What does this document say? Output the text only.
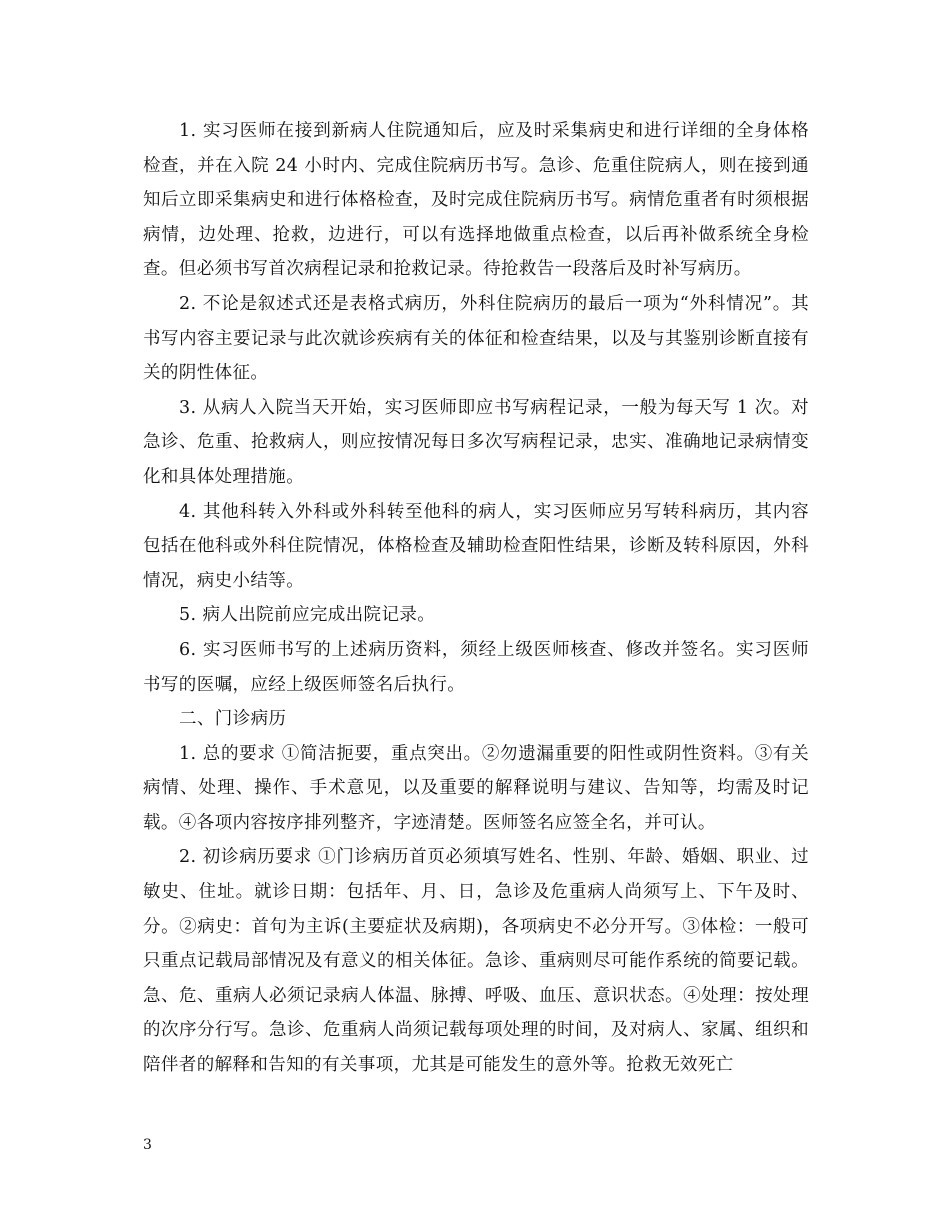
1. 实习医师在接到新病人住院通知后，应及时采集病史和进行详细的全身体格检查，并在入院 24 小时内、完成住院病历书写。急诊、危重住院病人，则在接到通知后立即采集病史和进行体格检查，及时完成住院病历书写。病情危重者有时须根据病情，边处理、抢救，边进行，可以有选择地做重点检查，以后再补做系统全身检查。但必须书写首次病程记录和抢救记录。待抢救告一段落后及时补写病历。

2. 不论是叙述式还是表格式病历，外科住院病历的最后一项为“外科情况”。其书写内容主要记录与此次就诊疾病有关的体征和检查结果，以及与其鉴别诊断直接有关的阴性体征。

3. 从病人入院当天开始，实习医师即应书写病程记录，一般为每天写 1 次。对急诊、危重、抢救病人，则应按情况每日多次写病程记录，忠实、准确地记录病情变化和具体处理措施。

4. 其他科转入外科或外科转至他科的病人，实习医师应另写转科病历，其内容包括在他科或外科住院情况，体格检查及辅助检查阳性结果，诊断及转科原因，外科情况，病史小结等。

5. 病人出院前应完成出院记录。

6. 实习医师书写的上述病历资料，须经上级医师核查、修改并签名。实习医师书写的医嘱，应经上级医师签名后执行。

二、门诊病历

1. 总的要求 ①简洁扼要，重点突出。②勿遗漏重要的阳性或阴性资料。③有关病情、处理、操作、手术意见，以及重要的解释说明与建议、告知等，均需及时记载。④各项内容按序排列整齐，字迹清楚。医师签名应签全名，并可认。

2. 初诊病历要求 ①门诊病历首页必须填写姓名、性别、年龄、婚姻、职业、过敏史、住址。就诊日期：包括年、月、日，急诊及危重病人尚须写上、下午及时、分。②病史：首句为主诉(主要症状及病期)，各项病史不必分开写。③体检：一般可只重点记载局部情况及有意义的相关体征。急诊、重病则尽可能作系统的简要记载。急、危、重病人必须记录病人体温、脉搏、呼吸、血压、意识状态。④处理：按处理的次序分行写。急诊、危重病人尚须记载每项处理的时间，及对病人、家属、组织和陪伴者的解释和告知的有关事项，尤其是可能发生的意外等。抢救无效死亡

3
